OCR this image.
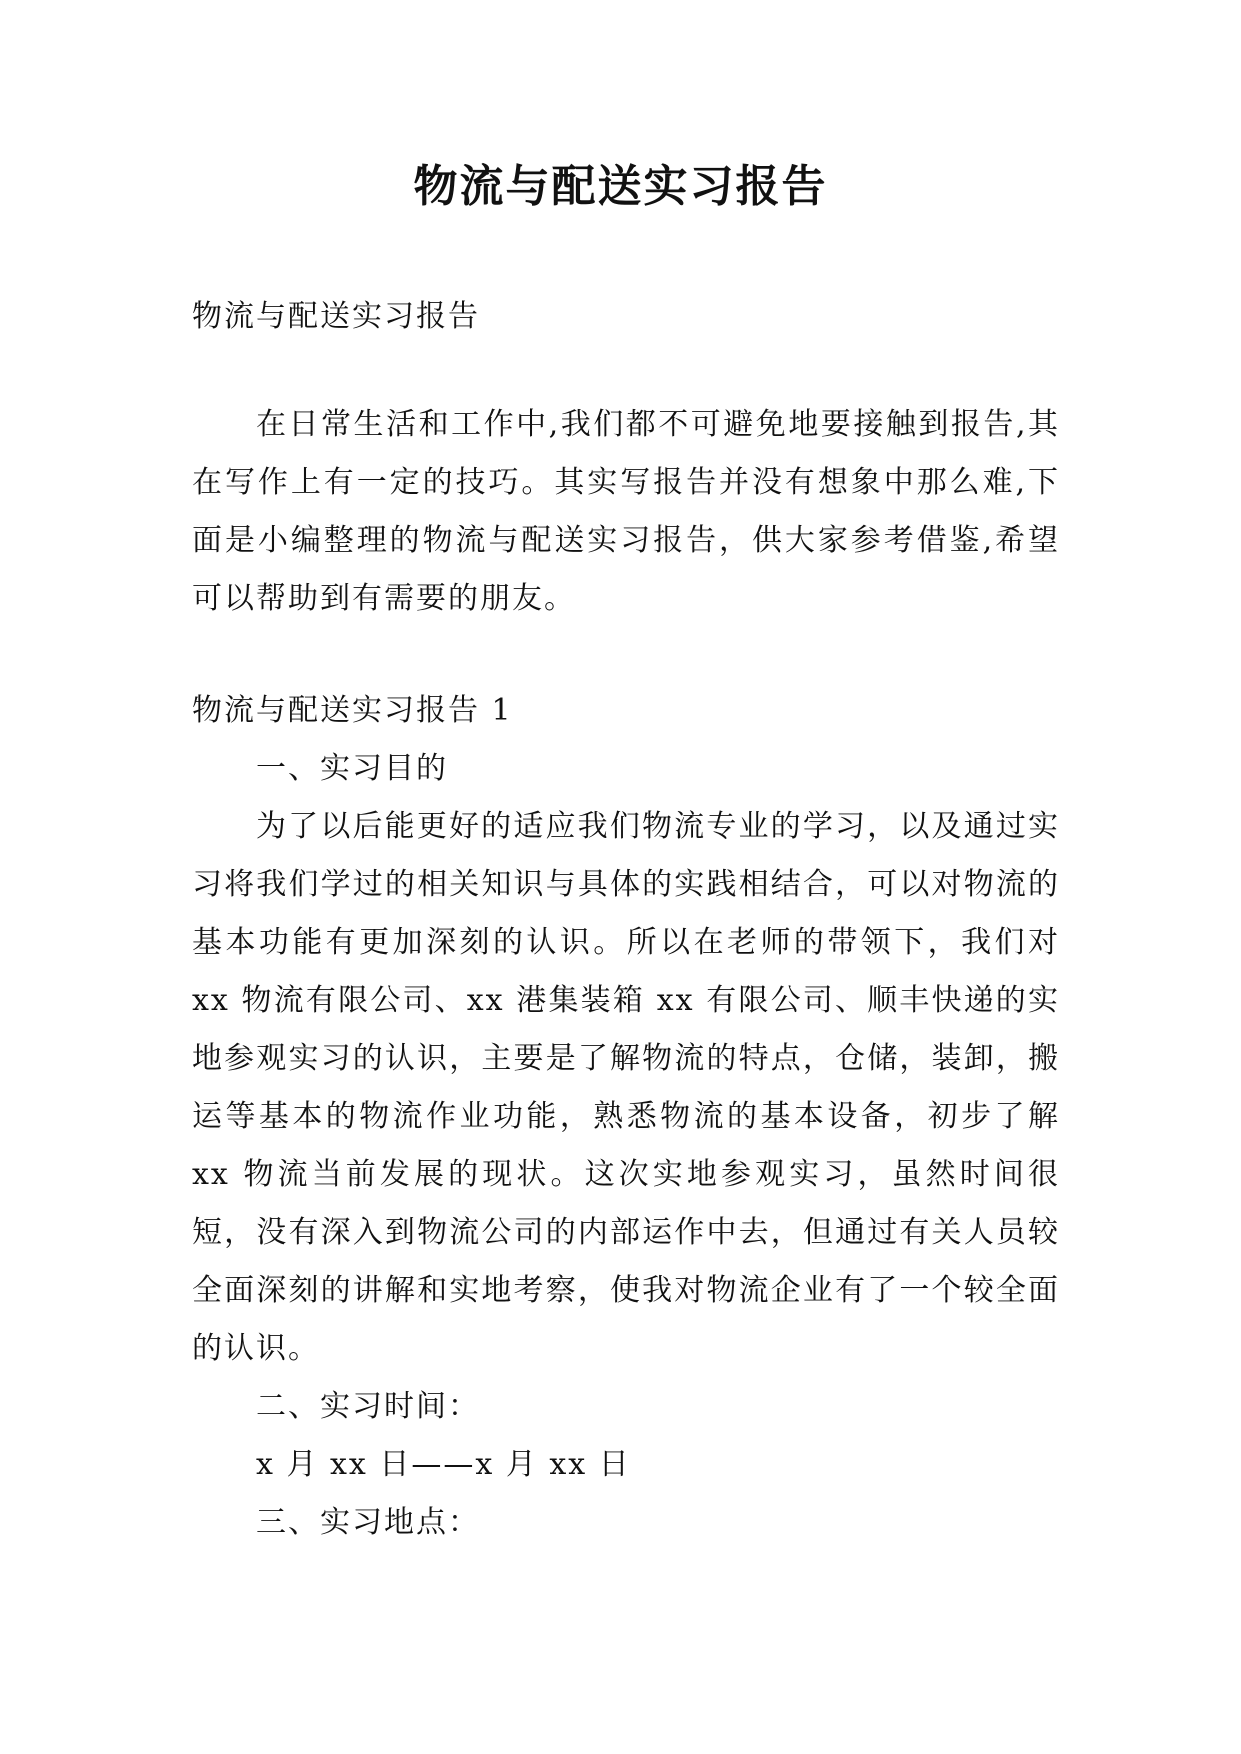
物流与配送实习报告

物流与配送实习报告

在日常生活和工作中,我们都不可避免地要接触到报告,其在写作上有一定的技巧。其实写报告并没有想象中那么难,下面是小编整理的物流与配送实习报告，供大家参考借鉴,希望可以帮助到有需要的朋友。

物流与配送实习报告 1

一、实习目的

为了以后能更好的适应我们物流专业的学习，以及通过实习将我们学过的相关知识与具体的实践相结合，可以对物流的基本功能有更加深刻的认识。所以在老师的带领下，我们对 xx 物流有限公司、xx 港集装箱 xx 有限公司、顺丰快递的实地参观实习的认识，主要是了解物流的特点，仓储，装卸，搬运等基本的物流作业功能，熟悉物流的基本设备，初步了解 xx 物流当前发展的现状。这次实地参观实习，虽然时间很短，没有深入到物流公司的内部运作中去，但通过有关人员较全面深刻的讲解和实地考察，使我对物流企业有了一个较全面的认识。

二、实习时间：

x 月 xx 日——x 月 xx 日

三、实习地点：
